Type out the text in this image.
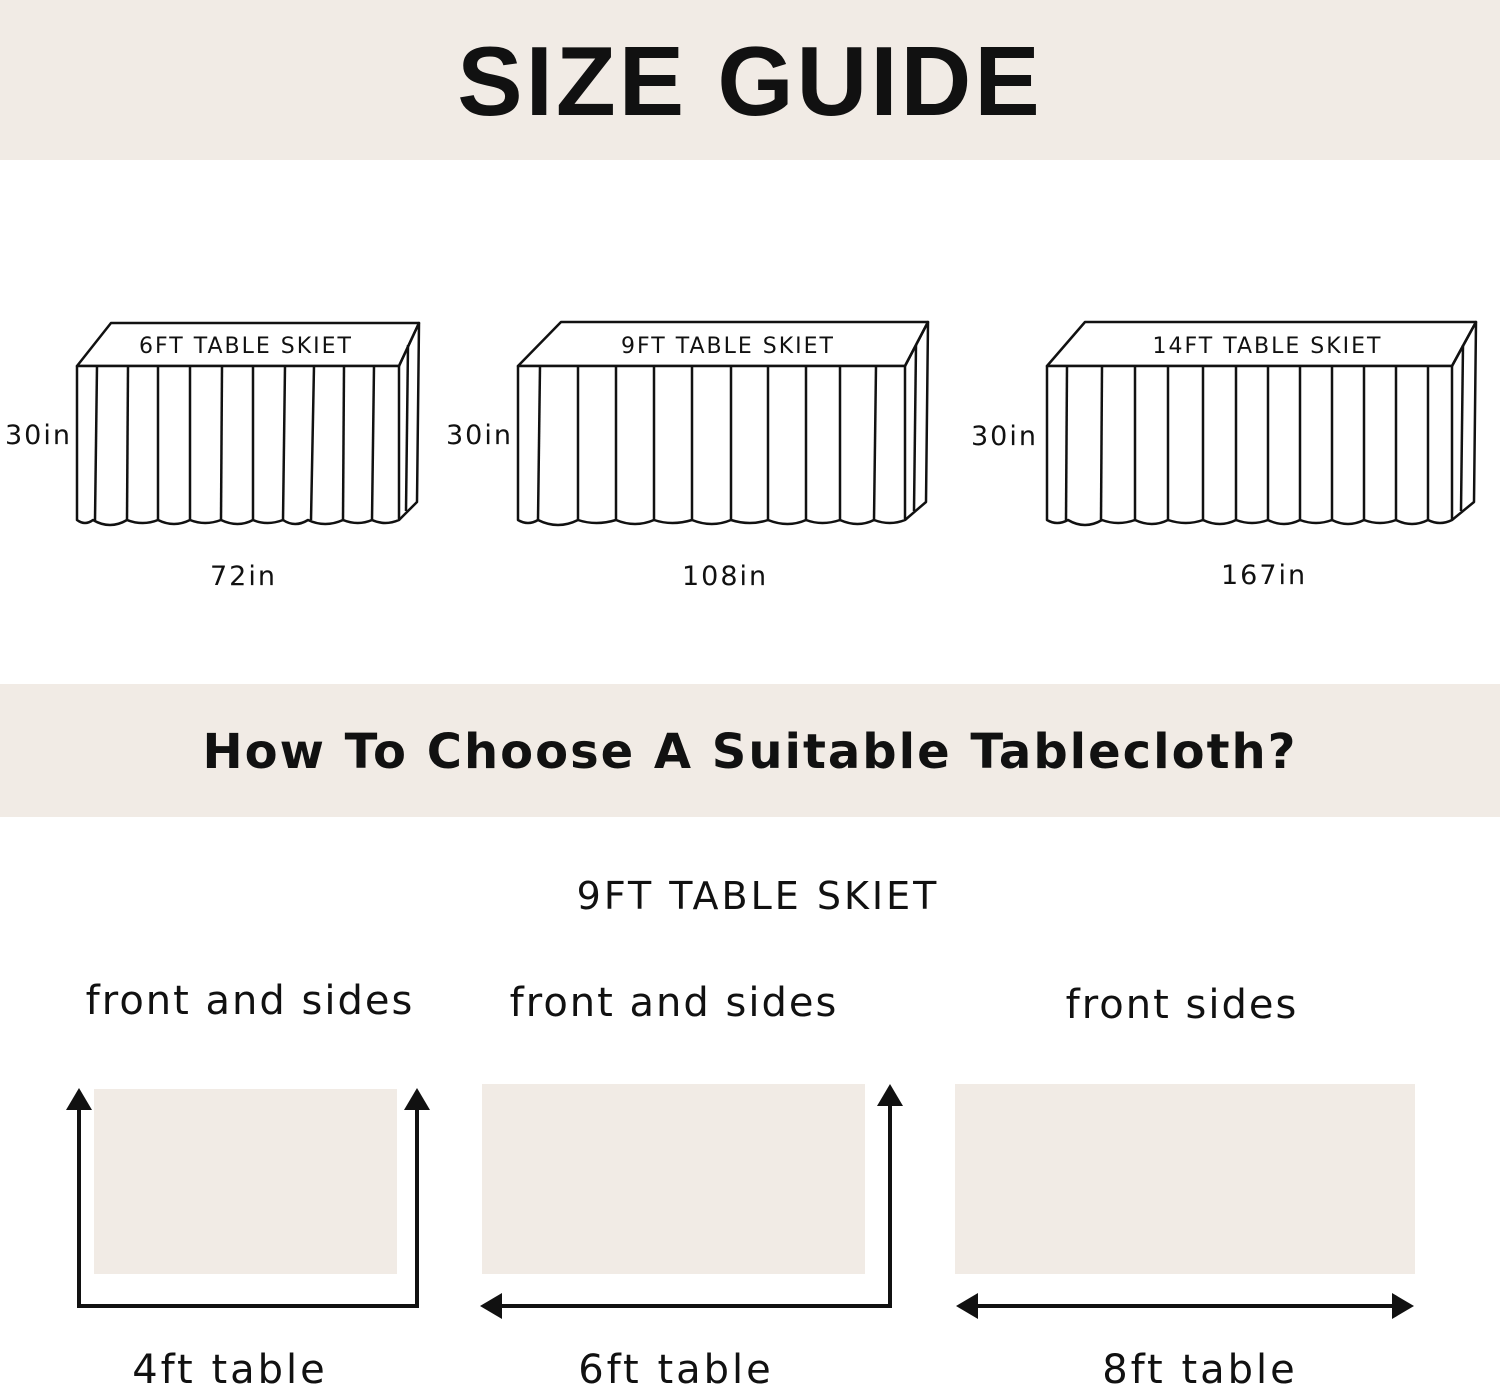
SIZE GUIDE
6FT TABLE SKIET	9FT TABLE SKIET	14FT TABLE SKIET
30in	30in	30in
72in	108in	167in
How To Choose A Suitable Tablecloth?
9FT TABLE SKIET
front and sides	front and sides	front sides
4ft table	6ft table	8ft table
